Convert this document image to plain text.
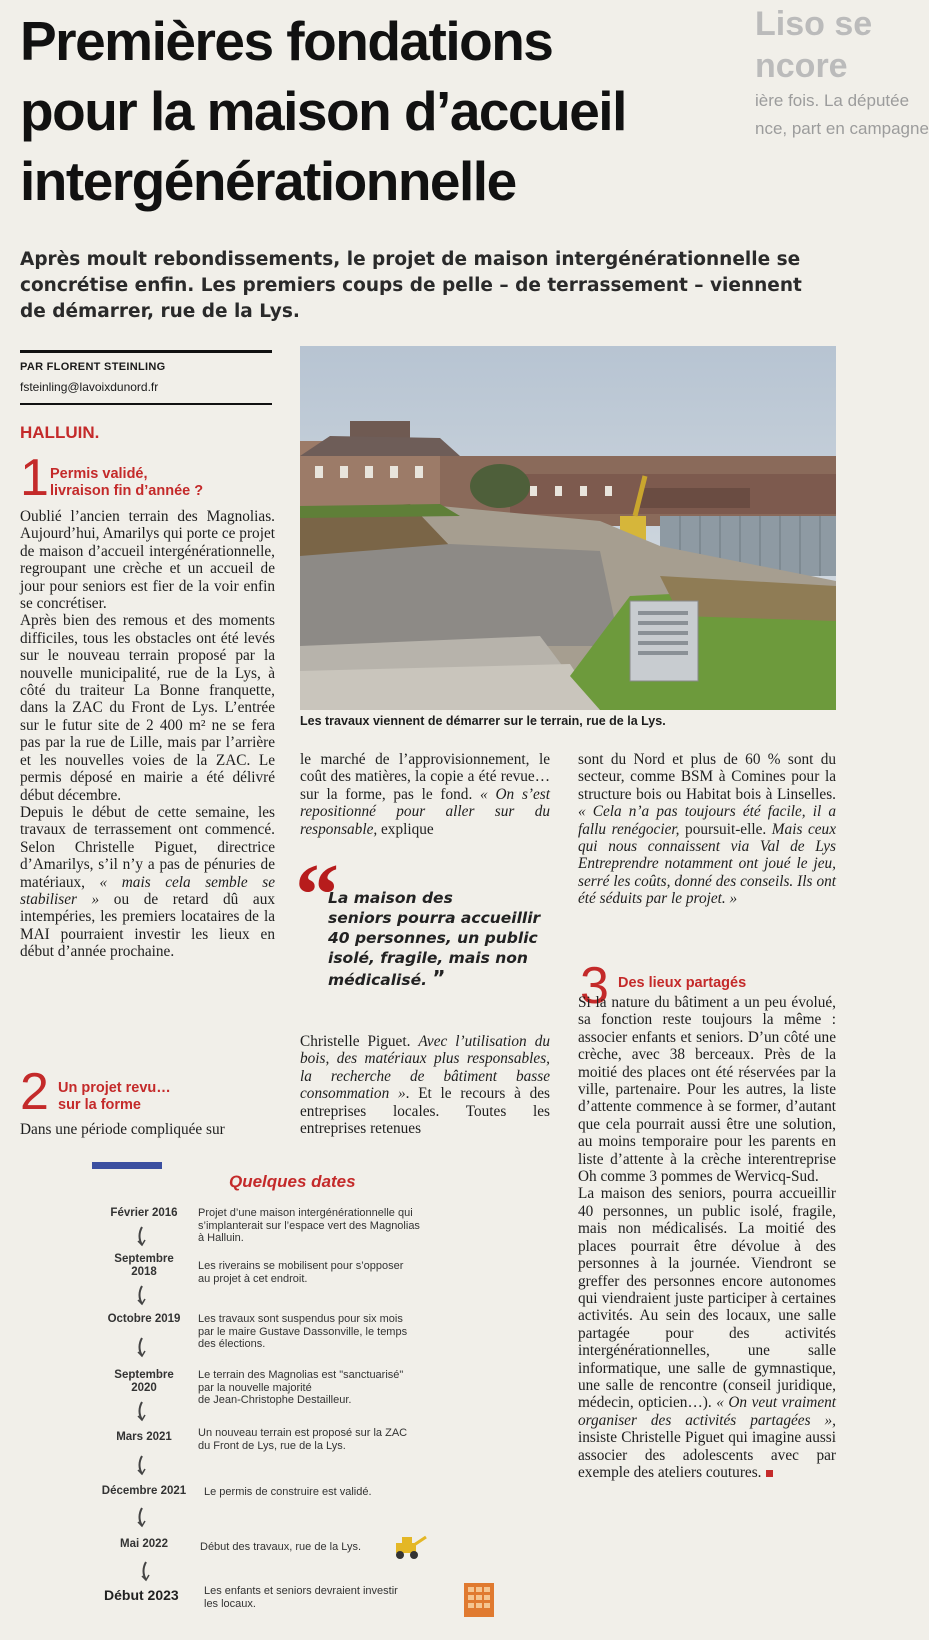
Liso se
ncore
ière fois. La députée
nce, part en campagne
Premières fondations
pour la maison d’accueil
intergénérationnelle
Après moult rebondissements, le projet de maison intergénérationnelle se concrétise enfin. Les premiers coups de pelle – de terrassement – viennent de démarrer, rue de la Lys.
PAR FLORENT STEINLING
fsteinling@lavoixdunord.fr
HALLUIN.
1 Permis validé,
livraison fin d’année ?

Oublié l’ancien terrain des Magnolias. Aujourd’hui, Amarilys qui porte ce projet de maison d’accueil intergénérationnelle, regroupant une crèche et un accueil de jour pour seniors est fier de la voir enfin se concrétiser.

Après bien des remous et des moments difficiles, tous les obstacles ont été levés sur le nouveau terrain proposé par la nouvelle municipalité, rue de la Lys, à côté du traiteur La Bonne franquette, dans la ZAC du Front de Lys. L’entrée sur le futur site de 2 400 m² ne se fera pas par la rue de Lille, mais par l’arrière et les nouvelles voies de la ZAC. Le permis déposé en mairie a été délivré début décembre.

Depuis le début de cette semaine, les travaux de terrassement ont commencé. Selon Christelle Piguet, directrice d’Amarilys, s’il n’y a pas de pénuries de matériaux, « mais cela semble se stabiliser » ou de retard dû aux intempéries, les premiers locataires de la MAI pourraient investir les lieux en début d’année prochaine.

2 Un projet revu…
sur la forme

Dans une période compliquée sur

Les travaux viennent de démarrer sur le terrain, rue de la Lys.

le marché de l’approvisionnement, le coût des matières, la copie a été revue… sur la forme, pas le fond. « On s’est repositionné pour aller sur du responsable, explique

“
La maison des
seniors pourra accueillir
40 personnes, un public
isolé, fragile, mais non
médicalisé. ”

Christelle Piguet. Avec l’utilisation du bois, des matériaux plus responsables, la recherche de bâtiment basse consommation ». Et le recours à des entreprises locales. Toutes les entreprises retenues

sont du Nord et plus de 60 % sont du secteur, comme BSM à Comines pour la structure bois ou Habitat bois à Linselles. « Cela n’a pas toujours été facile, il a fallu renégocier, poursuit-elle. Mais ceux qui nous connaissent via Val de Lys Entreprendre notamment ont joué le jeu, serré les coûts, donné des conseils. Ils ont été séduits par le projet. »

3 Des lieux partagés

Si la nature du bâtiment a un peu évolué, sa fonction reste toujours la même : associer enfants et seniors. D’un côté une crèche, avec 38 berceaux. Près de la moitié des places ont été réservées par la ville, partenaire. Pour les autres, la liste d’attente commence à se former, d’autant que cela pourrait aussi être une solution, au moins temporaire pour les parents en liste d’attente à la crèche interentreprise Oh comme 3 pommes de Wervicq-Sud.

La maison des seniors, pourra accueillir 40 personnes, un public isolé, fragile, mais non médicalisés. La moitié des places pourrait être dévolue à des personnes à la journée. Viendront se greffer des personnes encore autonomes qui viendraient juste participer à certaines activités. Au sein des locaux, une salle partagée pour des activités intergénérationnelles, une salle informatique, une salle de gymnastique, une salle de rencontre (conseil juridique, médecin, opticien…). « On veut vraiment organiser des activités partagées », insiste Christelle Piguet qui imagine aussi associer des adolescents avec par exemple des ateliers coutures.

Quelques dates
Février 2016	Projet d’une maison intergénérationnelle qui
s’implanterait sur l’espace vert des Magnolias
à Halluin.
Septembre
2018	Les riverains se mobilisent pour s’opposer
au projet à cet endroit.
Octobre 2019	Les travaux sont suspendus pour six mois
par le maire Gustave Dassonville, le temps
des élections.
Septembre
2020
Le terrain des Magnolias est "sanctuarisé"
par la nouvelle majorité
de Jean-Christophe Destailleur.
Mars 2021	Un nouveau terrain est proposé sur la ZAC
du Front de Lys, rue de la Lys.
Décembre 2021	Le permis de construire est validé.
Mai 2022	Début des travaux, rue de la Lys.
Début 2023 Les enfants et seniors devraient investir
les locaux.
